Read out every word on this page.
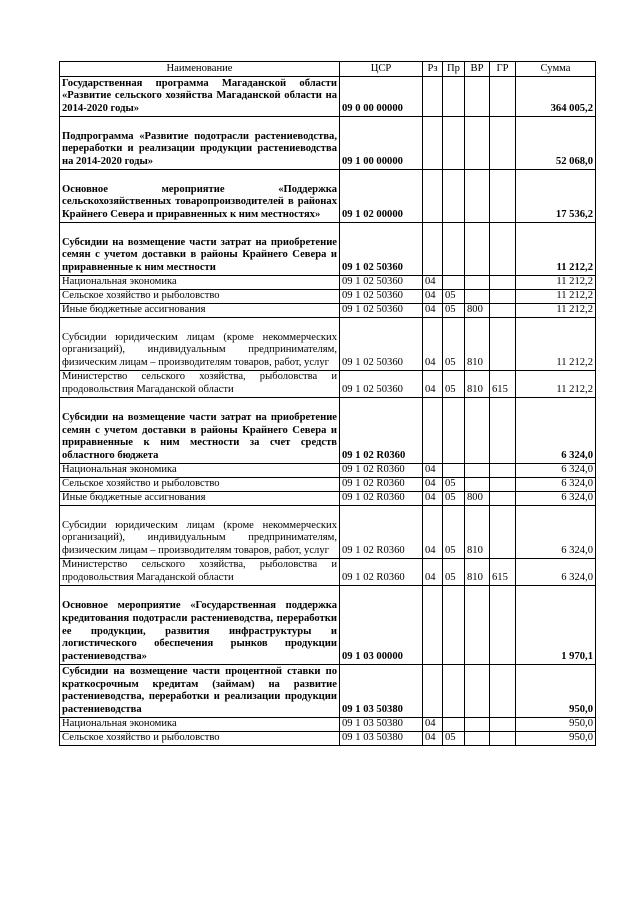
Наименование	ЦСР	Рз	Пр	ВР	ГР	Сумма
Государственная программа Магаданской области «Развитие сельского хозяйства Магаданской области на 2014-2020 годы»	09 0 00 00000					364 005,2
Подпрограмма «Развитие подотрасли растениеводства, переработки и реализации продукции растениеводства на 2014-2020 годы»	09 1 00 00000					52 068,0
Основное мероприятие «Поддержка сельскохозяйственных товаропроизводителей в районах Крайнего Севера и приравненных к ним местностях»	09 1 02 00000					17 536,2
Субсидии на возмещение части затрат на приобретение семян с учетом доставки в районы Крайнего Севера и приравненные к ним местности	09 1 02 50360					11 212,2
Национальная экономика	09 1 02 50360	04				11 212,2
Сельское хозяйство и рыболовство	09 1 02 50360	04	05			11 212,2
Иные бюджетные ассигнования	09 1 02 50360	04	05	800		11 212,2
Субсидии юридическим лицам (кроме некоммерческих организаций), индивидуальным предпринимателям, физическим лицам – производителям товаров, работ, услуг	09 1 02 50360	04	05	810		11 212,2
Министерство сельского хозяйства, рыболовства и продовольствия Магаданской области	09 1 02 50360	04	05	810	615	11 212,2
Субсидии на возмещение части затрат на приобретение семян с учетом доставки в районы Крайнего Севера и приравненные к ним местности за счет средств областного бюджета	09 1 02 R0360					6 324,0
Национальная экономика	09 1 02 R0360	04				6 324,0
Сельское хозяйство и рыболовство	09 1 02 R0360	04	05			6 324,0
Иные бюджетные ассигнования	09 1 02 R0360	04	05	800		6 324,0
Субсидии юридическим лицам (кроме некоммерческих организаций), индивидуальным предпринимателям, физическим лицам – производителям товаров, работ, услуг	09 1 02 R0360	04	05	810		6 324,0
Министерство сельского хозяйства, рыболовства и продовольствия Магаданской области	09 1 02 R0360	04	05	810	615	6 324,0
Основное мероприятие «Государственная поддержка кредитования подотрасли растениеводства, переработки ее продукции, развития инфраструктуры и логистического обеспечения рынков продукции растениеводства»	09 1 03 00000					1 970,1
Субсидии на возмещение части процентной ставки по краткосрочным кредитам (займам) на развитие растениеводства, переработки и реализации продукции растениеводства	09 1 03 50380					950,0
Национальная экономика	09 1 03 50380	04				950,0
Сельское хозяйство и рыболовство	09 1 03 50380	04	05			950,0
